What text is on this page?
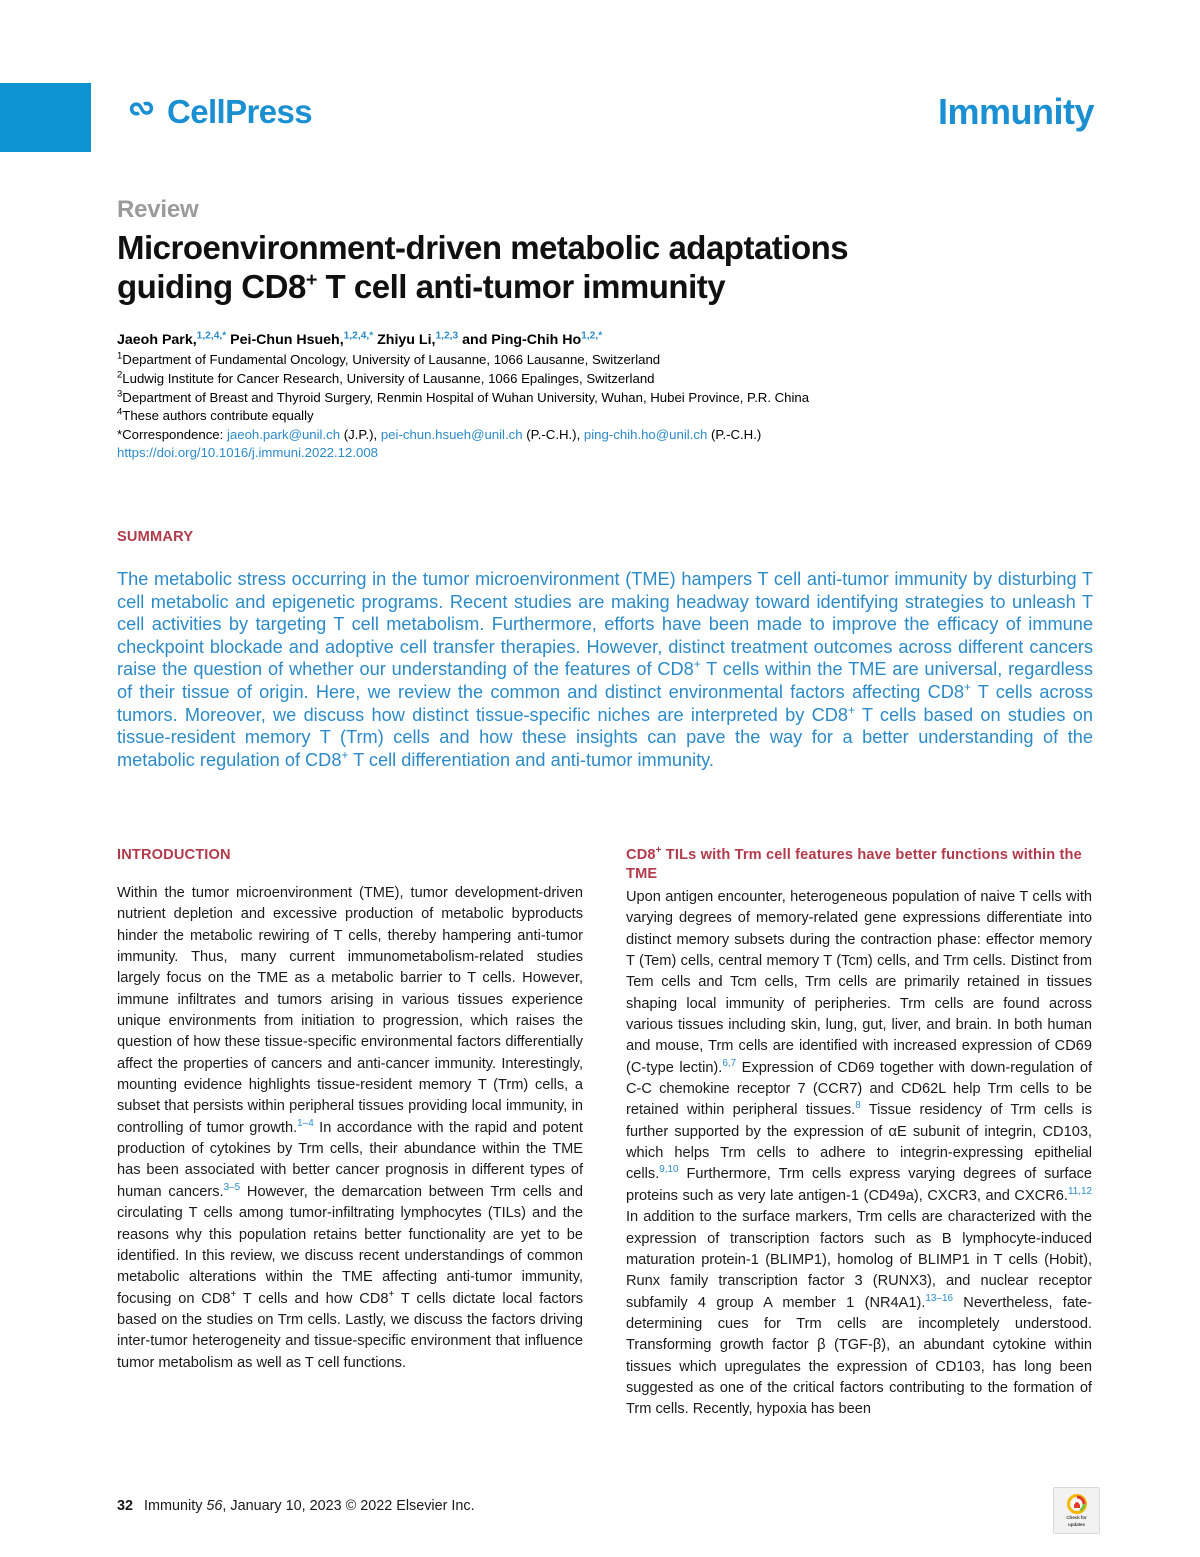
CellPress	Immunity
Review
Microenvironment-driven metabolic adaptations
guiding CD8+ T cell anti-tumor immunity
Jaeoh Park,$^{1,2,4,*}$ Pei-Chun Hsueh,$^{1,2,4,*}$ Zhiyu Li,$^{1,2,3}$ and Ping-Chih Ho$^{1,2,*}$
$^1$Department of Fundamental Oncology, University of Lausanne, 1066 Lausanne, Switzerland
$^2$Ludwig Institute for Cancer Research, University of Lausanne, 1066 Epalinges, Switzerland
$^3$Department of Breast and Thyroid Surgery, Renmin Hospital of Wuhan University, Wuhan, Hubei Province, P.R. China
$^4$These authors contribute equally
*Correspondence: jaeoh.park@unil.ch (J.P.), pei-chun.hsueh@unil.ch (P.-C.H.), ping-chih.ho@unil.ch (P.-C.H.)
https://doi.org/10.1016/j.immuni.2022.12.008
SUMMARY
The metabolic stress occurring in the tumor microenvironment (TME) hampers T cell anti-tumor immunity by disturbing T cell metabolic and epigenetic programs. Recent studies are making headway toward identifying strategies to unleash T cell activities by targeting T cell metabolism. Furthermore, efforts have been made to improve the efficacy of immune checkpoint blockade and adoptive cell transfer therapies. However, distinct treatment outcomes across different cancers raise the question of whether our understanding of the features of CD8+ T cells within the TME are universal, regardless of their tissue of origin. Here, we review the common and distinct environmental factors affecting CD8+ T cells across tumors. Moreover, we discuss how distinct tissue-specific niches are interpreted by CD8+ T cells based on studies on tissue-resident memory T (Trm) cells and how these insights can pave the way for a better understanding of the metabolic regulation of CD8+ T cell differentiation and anti-tumor immunity.
INTRODUCTION

Within the tumor microenvironment (TME), tumor development-driven nutrient depletion and excessive production of metabolic byproducts hinder the metabolic rewiring of T cells, thereby hampering anti-tumor immunity. Thus, many current immunometabolism-related studies largely focus on the TME as a metabolic barrier to T cells. However, immune infiltrates and tumors arising in various tissues experience unique environments from initiation to progression, which raises the question of how these tissue-specific environmental factors differentially affect the properties of cancers and anti-cancer immunity. Interestingly, mounting evidence highlights tissue-resident memory T (Trm) cells, a subset that persists within peripheral tissues providing local immunity, in controlling of tumor growth.$^{1-4}$ In accordance with the rapid and potent production of cytokines by Trm cells, their abundance within the TME has been associated with better cancer prognosis in different types of human cancers.$^{3-5}$ However, the demarcation between Trm cells and circulating T cells among tumor-infiltrating lymphocytes (TILs) and the reasons why this population retains better functionality are yet to be identified. In this review, we discuss recent understandings of common metabolic alterations within the TME affecting anti-tumor immunity, focusing on CD8+ T cells and how CD8+ T cells dictate local factors based on the studies on Trm cells. Lastly, we discuss the factors driving inter-tumor heterogeneity and tissue-specific environment that influence tumor metabolism as well as T cell functions.

CD8+ TILs with Trm cell features have better functions within the TME

Upon antigen encounter, heterogeneous population of naive T cells with varying degrees of memory-related gene expressions differentiate into distinct memory subsets during the contraction phase: effector memory T (Tem) cells, central memory T (Tcm) cells, and Trm cells. Distinct from Tem cells and Tcm cells, Trm cells are primarily retained in tissues shaping local immunity of peripheries. Trm cells are found across various tissues including skin, lung, gut, liver, and brain. In both human and mouse, Trm cells are identified with increased expression of CD69 (C-type lectin).$^{6,7}$ Expression of CD69 together with down-regulation of C-C chemokine receptor 7 (CCR7) and CD62L help Trm cells to be retained within peripheral tissues.$^8$ Tissue residency of Trm cells is further supported by the expression of αE subunit of integrin, CD103, which helps Trm cells to adhere to integrin-expressing epithelial cells.$^{9,10}$ Furthermore, Trm cells express varying degrees of surface proteins such as very late antigen-1 (CD49a), CXCR3, and CXCR6.$^{11,12}$ In addition to the surface markers, Trm cells are characterized with the expression of transcription factors such as B lymphocyte-induced maturation protein-1 (BLIMP1), homolog of BLIMP1 in T cells (Hobit), Runx family transcription factor 3 (RUNX3), and nuclear receptor subfamily 4 group A member 1 (NR4A1).$^{13-16}$ Nevertheless, fate-determining cues for Trm cells are incompletely understood. Transforming growth factor β (TGF-β), an abundant cytokine within tissues which upregulates the expression of CD103, has long been suggested as one of the critical factors contributing to the formation of Trm cells. Recently, hypoxia has been

32 Immunity 56, January 10, 2023 © 2022 Elsevier Inc.
Check for
updates
